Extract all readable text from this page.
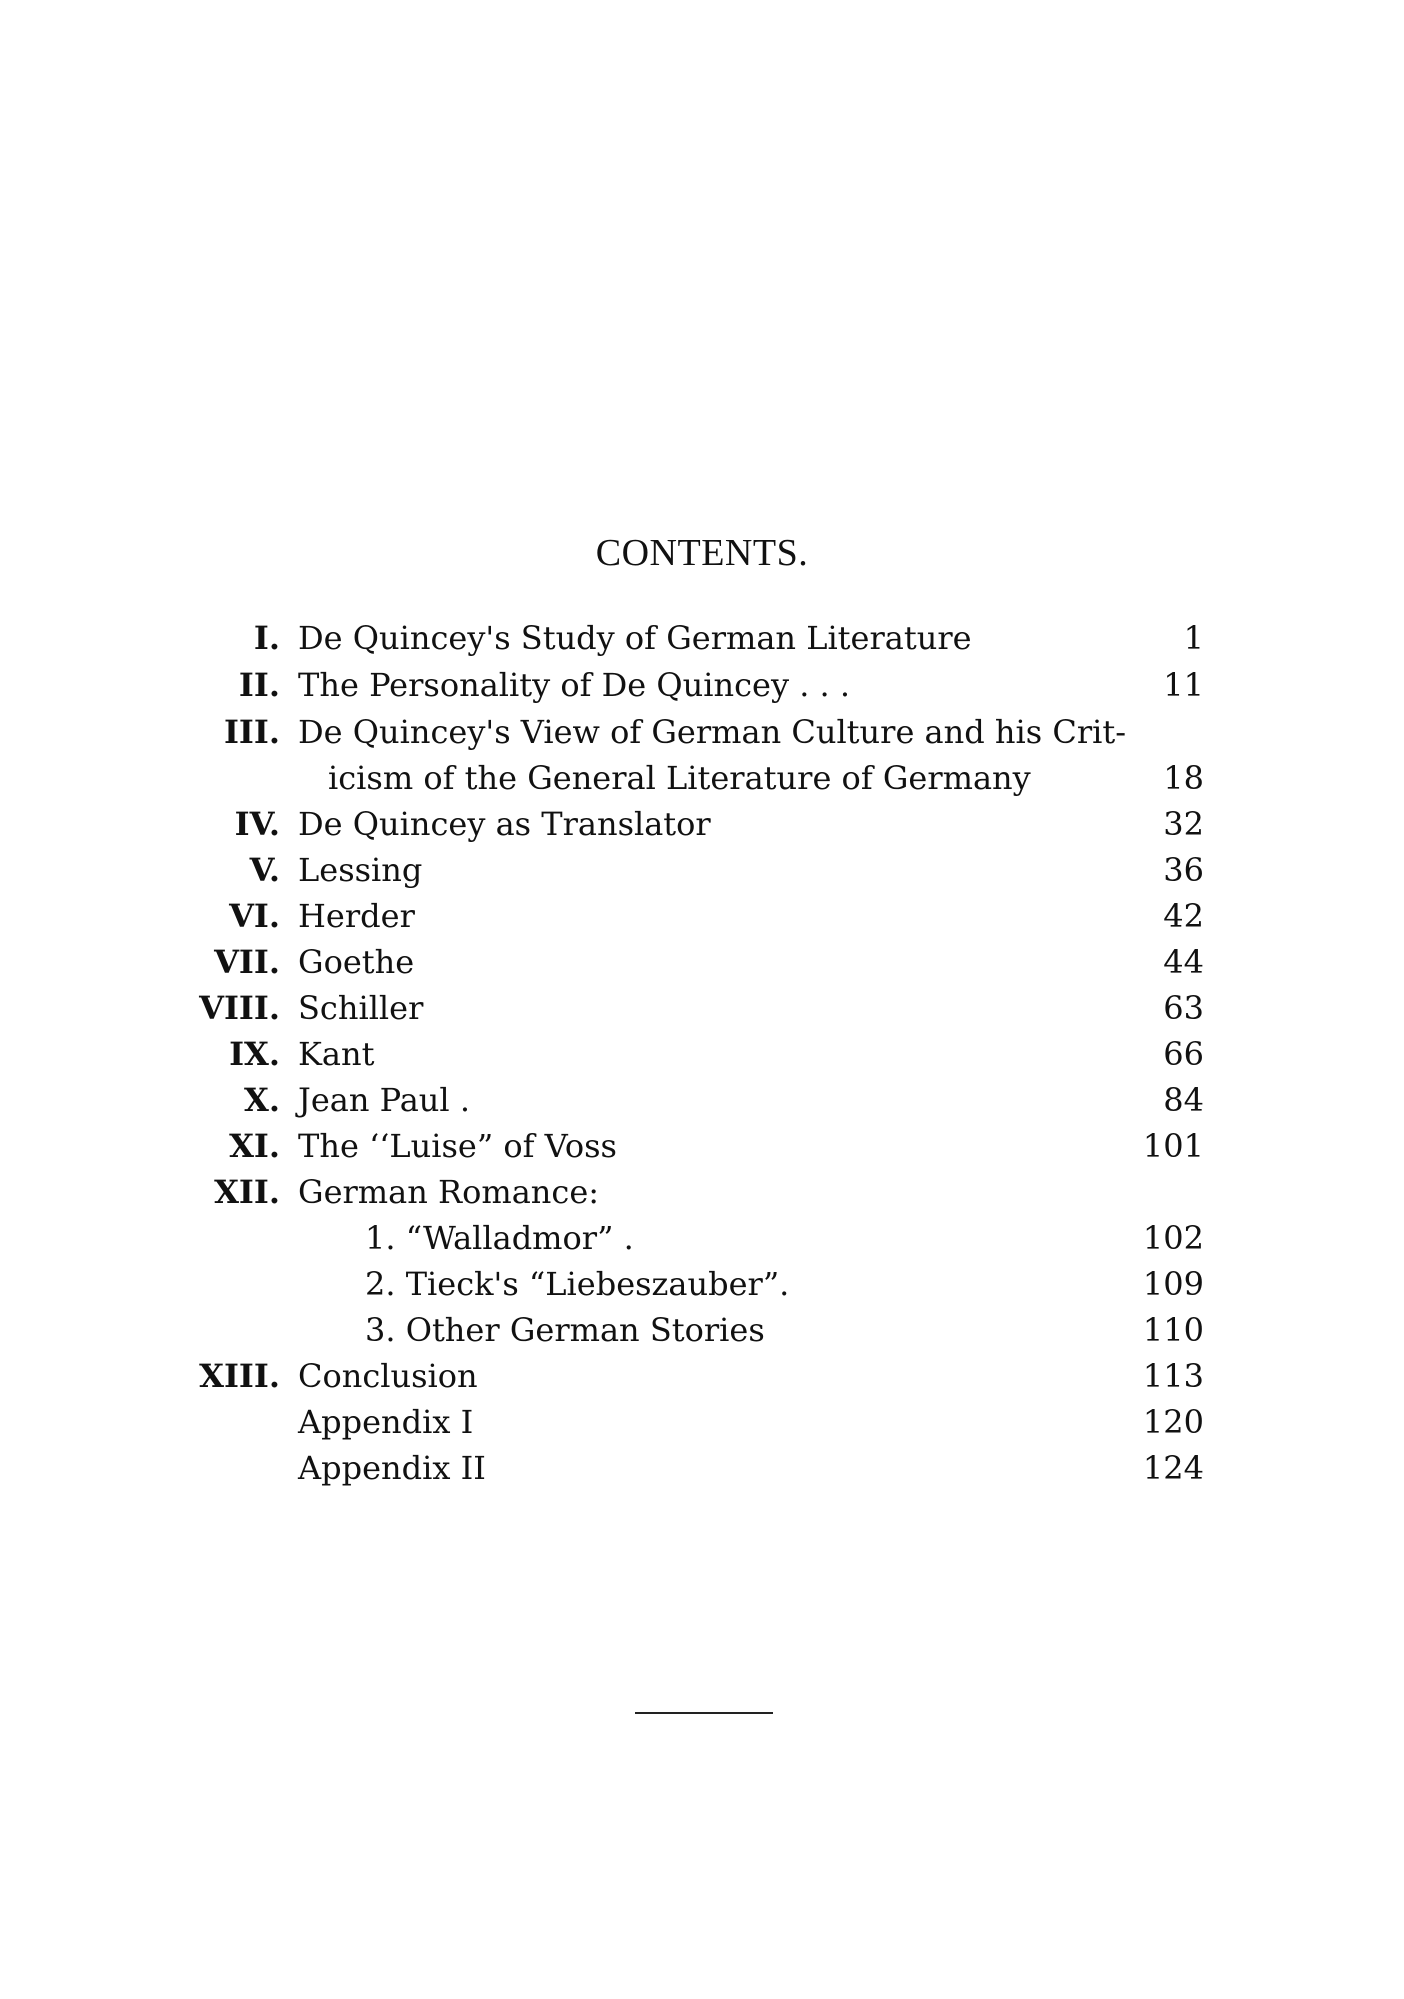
CONTENTS.
I. De Quincey's Study of German Literature	1
II. The Personality of De Quincey . . .	11
III. De Quincey's View of German Culture and his Crit-
icism of the General Literature of Germany	18
IV. De Quincey as Translator	32
V. Lessing	36
VI. Herder	42
VII. Goethe	44
VIII. Schiller	63
IX. Kant	66
X. Jean Paul .	84
XI. The ‘‘Luise” of Voss	101
XII. German Romance:
1. “Walladmor” .	102
2. Tieck's “Liebeszauber”.	109
3. Other German Stories	110
XIII. Conclusion	113
Appendix I	120
Appendix II	124
